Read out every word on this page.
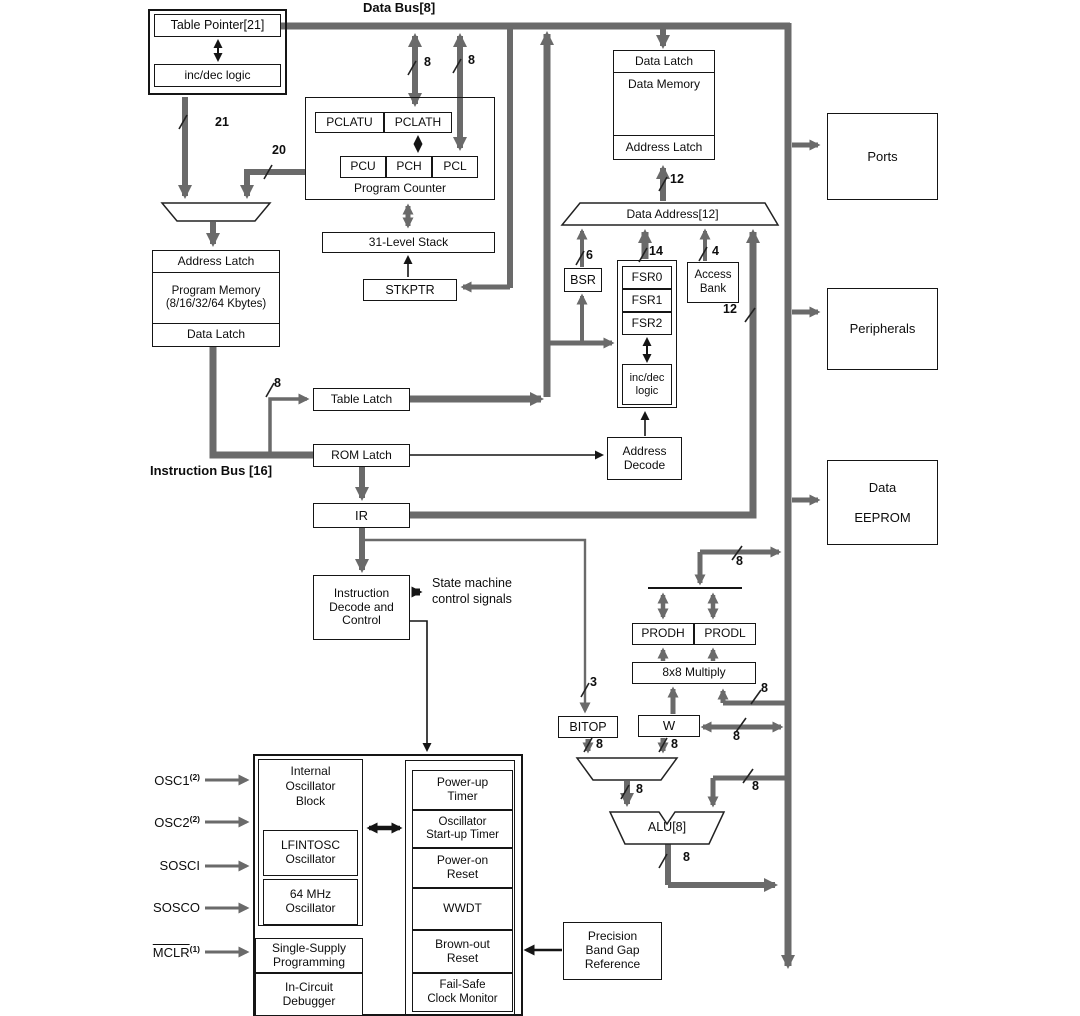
Data Bus[8]
Instruction Bus [16]
Table Pointer[21]
inc/dec logic
PCLATU	PCLATH
PCU	PCH	PCL
Program Counter
31-Level Stack
STKPTR
Address Latch
Program Memory
(8/16/32/64 Kbytes)
Data Latch
Table Latch
ROM Latch
IR
Instruction
Decode and
Control
State machine
control signals
Data Latch
Data Memory
Address Latch
Data Address[12]
BSR	FSR0
FSR1
FSR2
inc/dec
logic
Access
Bank
Address
Decode
Ports
Peripherals
Data
EEPROM
PRODH	PRODL
8x8 Multiply
BITOP	W
ALU[8]
Precision
Band Gap
Reference
Internal
Oscillator
Block
LFINTOSC
Oscillator
64 MHz
Oscillator
Single-Supply
Programming
In-Circuit
Debugger
Power-up
Timer
Oscillator
Start-up Timer
Power-on
Reset
WWDT
Brown-out
Reset
Fail-Safe
Clock Monitor
OSC1$^{(2)}$
OSC2$^{(2)}$
SOSCI
SOSCO
MCLR$^{(1)}$
8	8
21
20
8
12
6	14	4
12
8
3	8
8
8	8
8	8
8
